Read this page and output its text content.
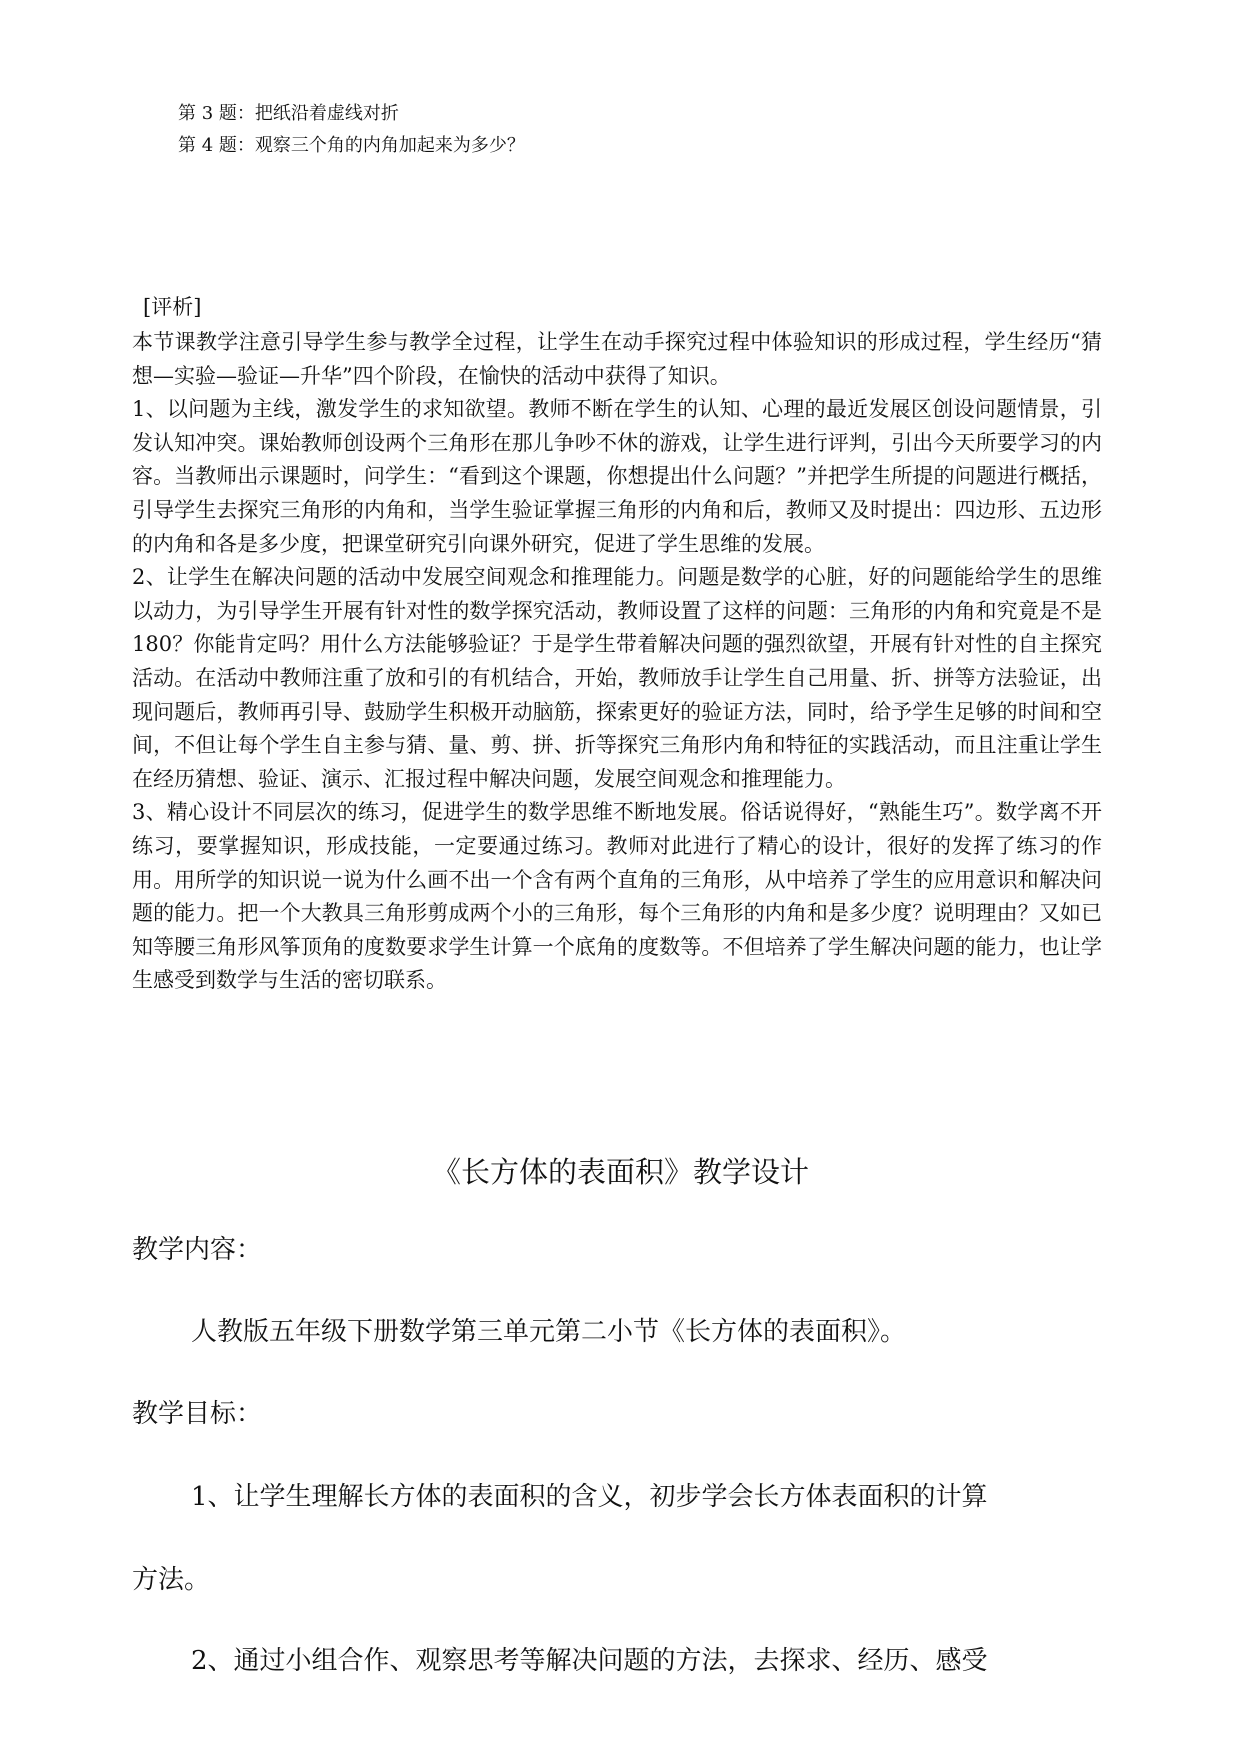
第 3 题：把纸沿着虚线对折
第 4 题：观察三个角的内角加起来为多少？
[评析]

本节课教学注意引导学生参与教学全过程，让学生在动手探究过程中体验知识的形成过程，学生经历“猜想—实验—验证—升华”四个阶段，在愉快的活动中获得了知识。

1、以问题为主线，激发学生的求知欲望。教师不断在学生的认知、心理的最近发展区创设问题情景，引发认知冲突。课始教师创设两个三角形在那儿争吵不休的游戏，让学生进行评判，引出今天所要学习的内容。当教师出示课题时，问学生：“看到这个课题，你想提出什么问题？”并把学生所提的问题进行概括，引导学生去探究三角形的内角和，当学生验证掌握三角形的内角和后，教师又及时提出：四边形、五边形的内角和各是多少度，把课堂研究引向课外研究，促进了学生思维的发展。

2、让学生在解决问题的活动中发展空间观念和推理能力。问题是数学的心脏，好的问题能给学生的思维以动力，为引导学生开展有针对性的数学探究活动，教师设置了这样的问题：三角形的内角和究竟是不是 180？你能肯定吗？用什么方法能够验证？于是学生带着解决问题的强烈欲望，开展有针对性的自主探究活动。在活动中教师注重了放和引的有机结合，开始，教师放手让学生自己用量、折、拼等方法验证，出现问题后，教师再引导、鼓励学生积极开动脑筋，探索更好的验证方法，同时，给予学生足够的时间和空间，不但让每个学生自主参与猜、量、剪、拼、折等探究三角形内角和特征的实践活动，而且注重让学生在经历猜想、验证、演示、汇报过程中解决问题，发展空间观念和推理能力。

3、精心设计不同层次的练习，促进学生的数学思维不断地发展。俗话说得好，“熟能生巧”。数学离不开练习，要掌握知识，形成技能，一定要通过练习。教师对此进行了精心的设计，很好的发挥了练习的作用。用所学的知识说一说为什么画不出一个含有两个直角的三角形，从中培养了学生的应用意识和解决问题的能力。把一个大教具三角形剪成两个小的三角形，每个三角形的内角和是多少度？说明理由？又如已知等腰三角形风筝顶角的度数要求学生计算一个底角的度数等。不但培养了学生解决问题的能力，也让学生感受到数学与生活的密切联系。

《长方体的表面积》教学设计
教学内容：
人教版五年级下册数学第三单元第二小节《长方体的表面积》。
教学目标：
1、让学生理解长方体的表面积的含义，初步学会长方体表面积的计算
方法。
2、通过小组合作、观察思考等解决问题的方法，去探求、经历、感受
